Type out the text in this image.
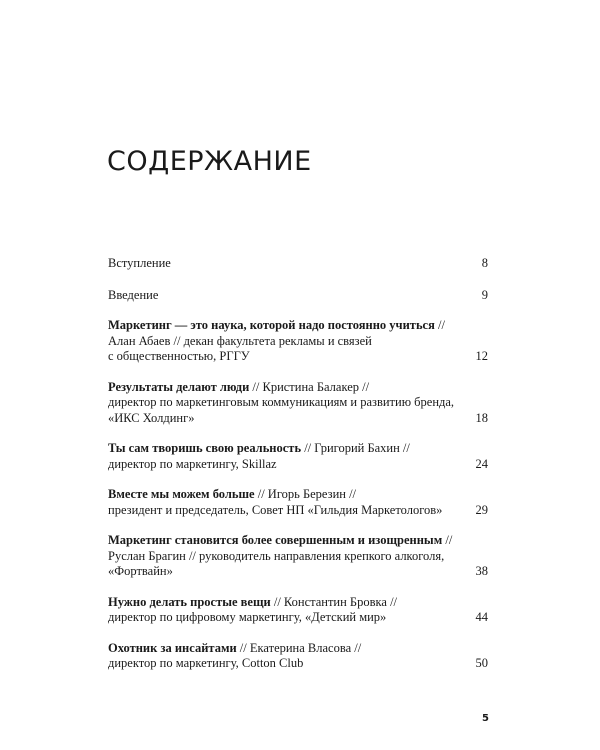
СОДЕРЖАНИЕ
Вступление	8
Введение	9
Маркетинг — это наука, которой надо постоянно учиться //
Алан Абаев // декан факультета рекламы и связей
с общественностью, РГГУ	12
Результаты делают люди // Кристина Балакер //
директор по маркетинговым коммуникациям и развитию бренда,
«ИКС Холдинг»	18
Ты сам творишь свою реальность // Григорий Бахин //
директор по маркетингу, Skillaz	24
Вместе мы можем больше // Игорь Березин //
президент и председатель, Совет НП «Гильдия Маркетологов»	29
Маркетинг становится более совершенным и изощренным //
Руслан Брагин // руководитель направления крепкого алкоголя,
«Фортвайн»	38
Нужно делать простые вещи // Константин Бровка //
директор по цифровому маркетингу, «Детский мир»	44
Охотник за инсайтами // Екатерина Власова //
директор по маркетингу, Cotton Club	50
5
